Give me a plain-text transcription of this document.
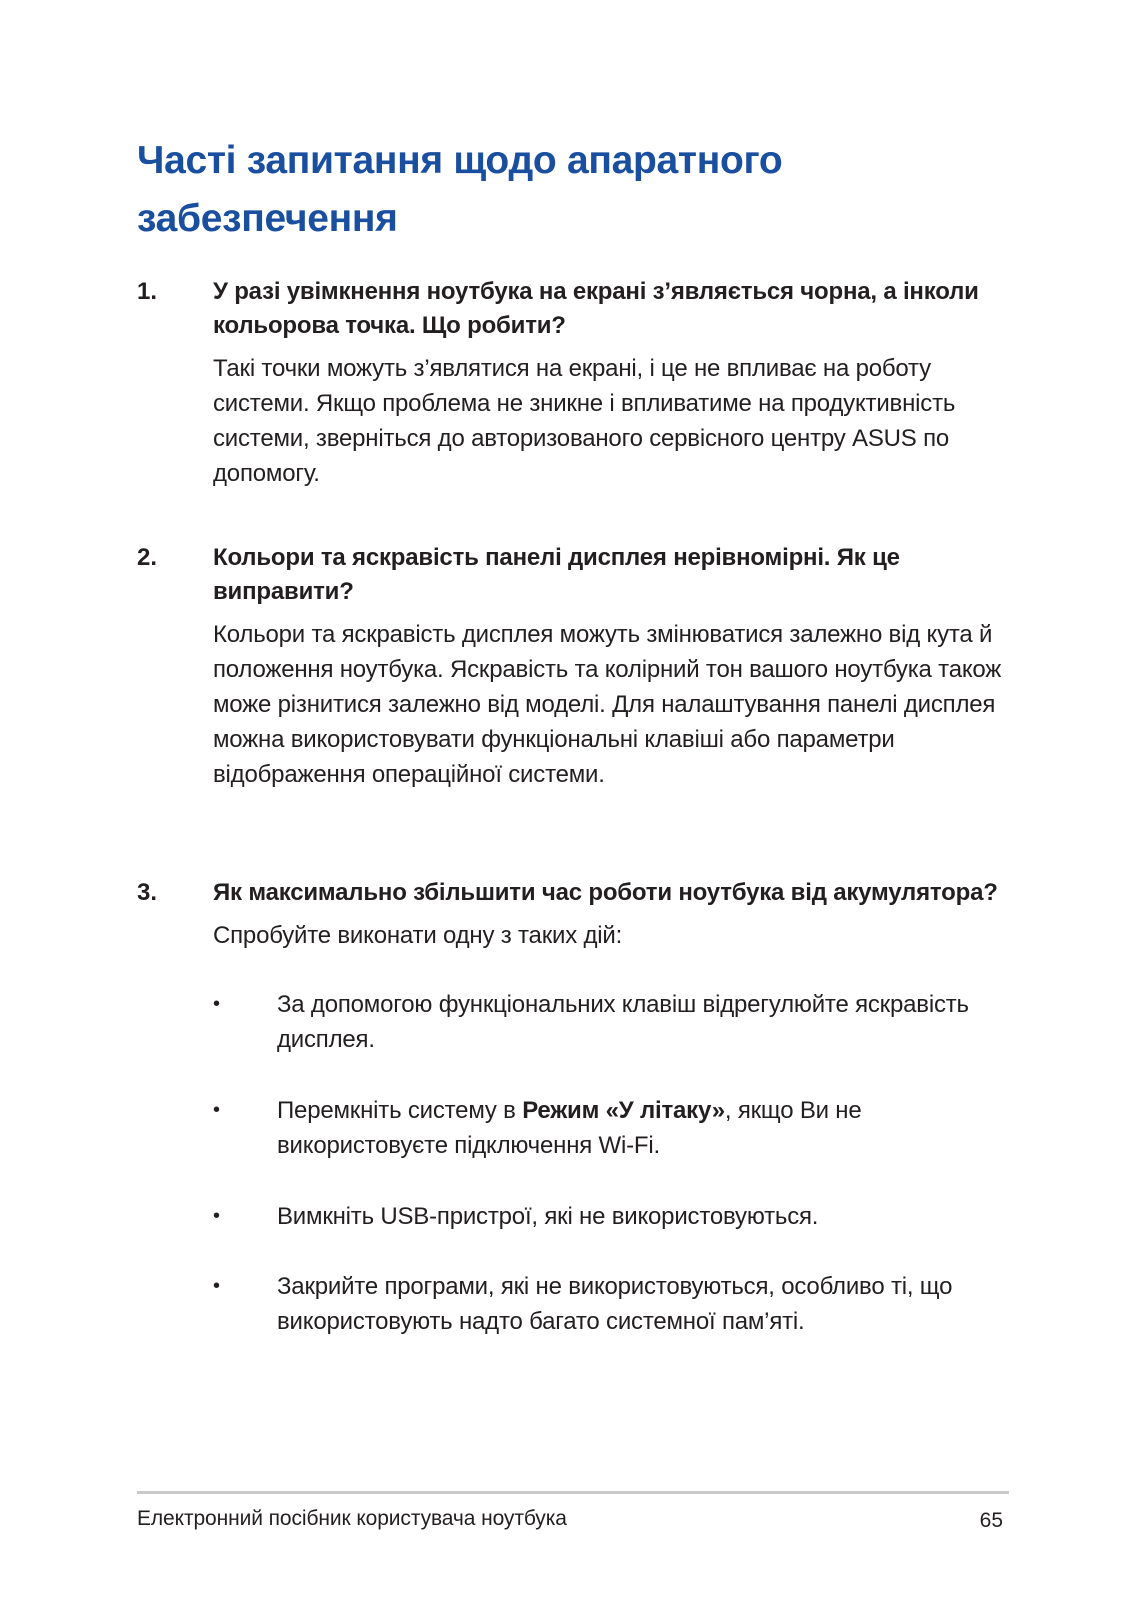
Часті запитання щодо апаратного забезпечення
1. У разі увімкнення ноутбука на екрані з’являється чорна, а інколи кольорова точка. Що робити?

Такі точки можуть з’являтися на екрані, і це не впливає на роботу системи. Якщо проблема не зникне і впливатиме на продуктивність системи, зверніться до авторизованого сервісного центру ASUS по допомогу.

2. Кольори та яскравість панелі дисплея нерівномірні. Як це виправити?

Кольори та яскравість дисплея можуть змінюватися залежно від кута й положення ноутбука. Яскравість та колірний тон вашого ноутбука також може різнитися залежно від моделі. Для налаштування панелі дисплея можна використовувати функціональні клавіші або параметри відображення операційної системи.

3. Як максимально збільшити час роботи ноутбука від акумулятора?

Спробуйте виконати одну з таких дій:

• За допомогою функціональних клавіш відрегулюйте яскравість дисплея.
• Перемкніть систему в Режим «У літаку», якщо Ви не використовуєте підключення Wi-Fi.
• Вимкніть USB-пристрої, які не використовуються.
• Закрийте програми, які не використовуються, особливо ті, що використовують надто багато системної пам’яті.
Електронний посібник користувача ноутбука	65
